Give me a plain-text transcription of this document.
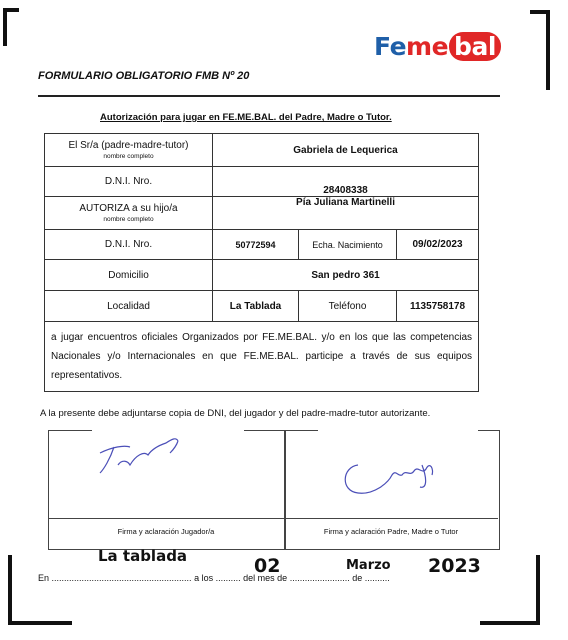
Fe me bal
FORMULARIO OBLIGATORIO FMB Nº 20
Autorización para jugar en FE.ME.BAL. del Padre, Madre o Tutor.
El Sr/a (padre-madre-tutor)
nombre completo	Gabriela de Lequerica		
D.N.I. Nro.	28408338		
AUTORIZA a su hijo/a
nombre completo	Pía Juliana Martinelli		
D.N.I. Nro.	50772594	Echa. Nacimiento	09/02/2023
Domicilio	San pedro 361		
Localidad	La Tablada	Teléfono	1135758178
a jugar encuentros oficiales Organizados por FE.ME.BAL. y/o en los que las competencias Nacionales y/o Internacionales en que FE.ME.BAL. participe a través de sus equipos representativos.			
A la presente debe adjuntarse copia de DNI, del jugador y del padre-madre-tutor autorizante.
Firma y aclaración Jugador/a	Firma y aclaración Padre, Madre o Tutor
En ........................................................ a los .......... del mes de ........................ de ..........
La tablada	02	Marzo 2023
